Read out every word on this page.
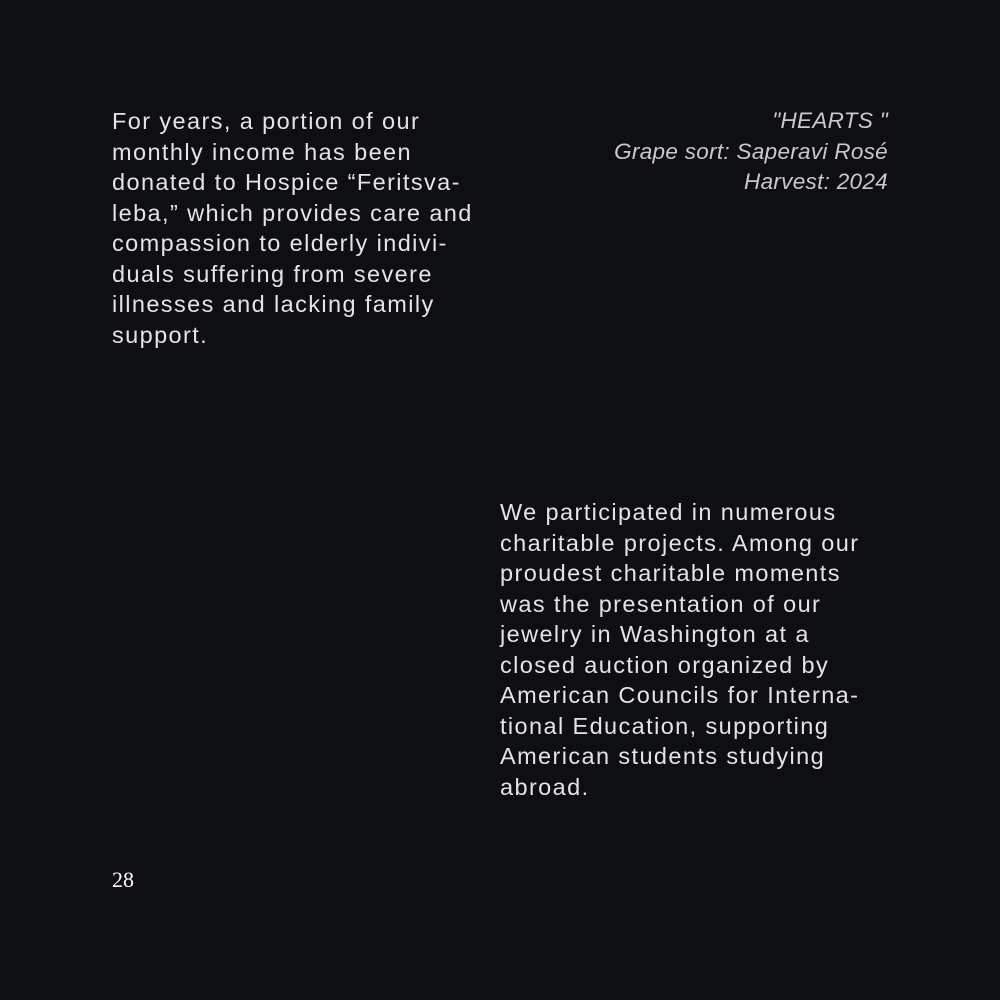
"HEARTS "
Grape sort: Saperavi Rosé
Harvest: 2024

For years, a portion of our
monthly income has been
donated to Hospice “Feritsva-
leba,” which provides care and
compassion to elderly indivi-
duals suffering from severe
illnesses and lacking family
support.

We participated in numerous
charitable projects. Among our
proudest charitable moments
was the presentation of our
jewelry in Washington at a
closed auction organized by
American Councils for Interna-
tional Education, supporting
American students studying
abroad.

28
